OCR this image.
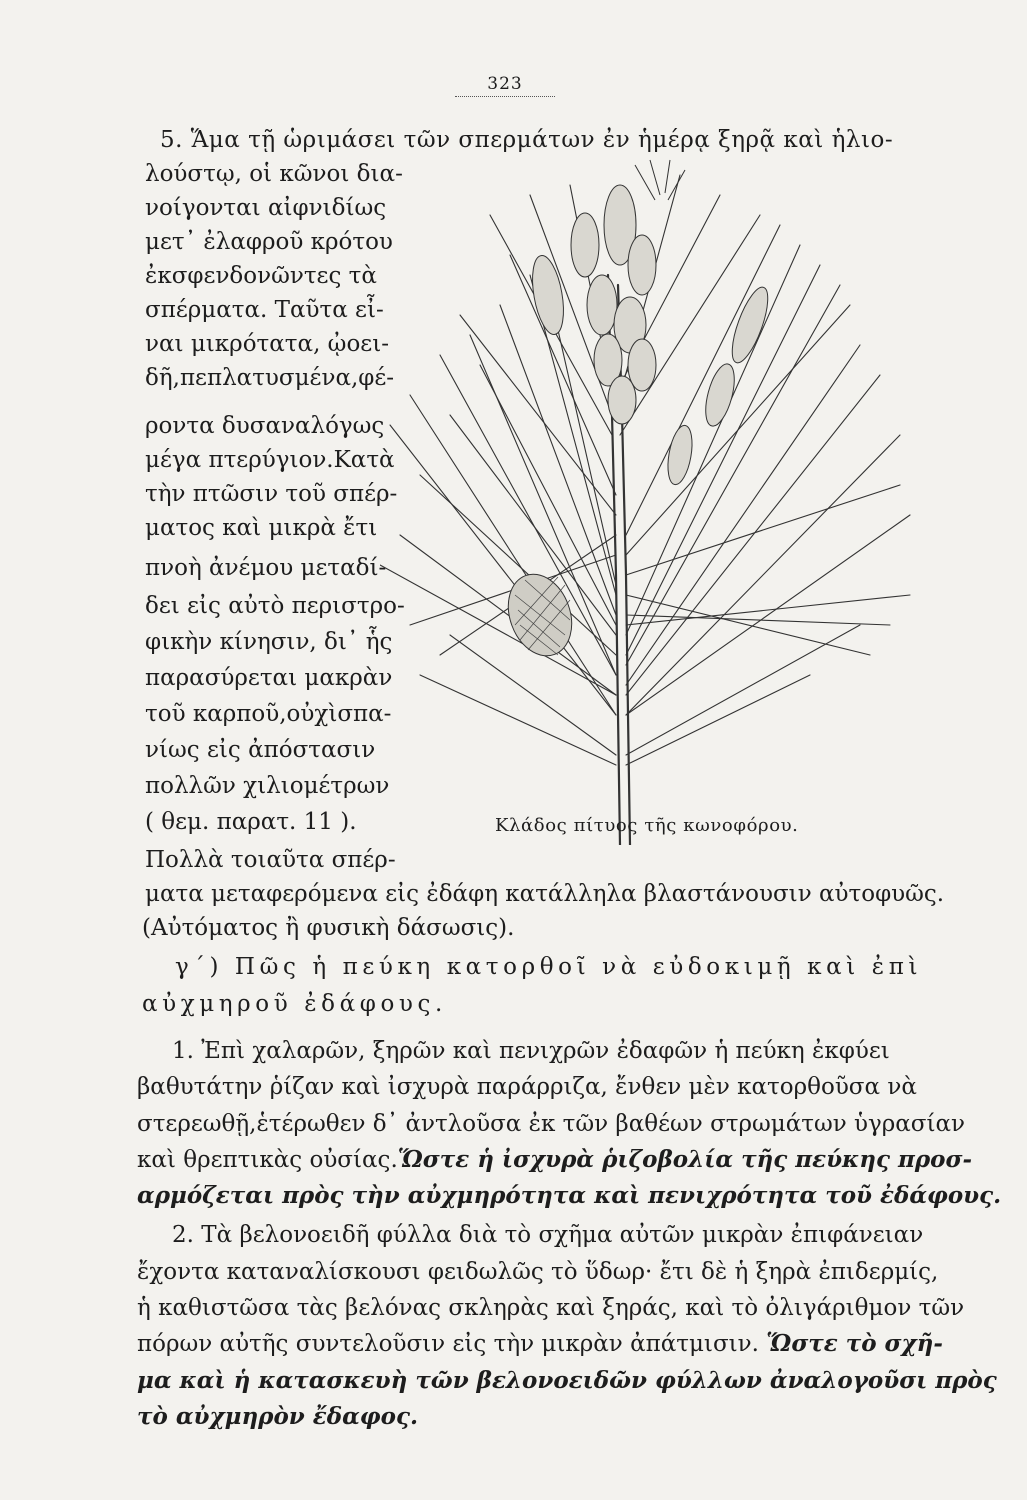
323
5. Ἅμα τῇ ὡριμάσει τῶν σπερμάτων ἐν ἡμέρᾳ ξηρᾷ καὶ ἡλιο-
λούστῳ, οἱ κῶνοι δια-
νοίγονται αἰφνιδίως
μετ᾽ ἐλαφροῦ κρότου
ἐκσφενδονῶντες τὰ
σπέρματα. Ταῦτα εἶ-
ναι μικρότατα, ᾠοει-
δῆ,πεπλατυσμένα,φέ-
ροντα δυσαναλόγως
μέγα πτερύγιον.Κατὰ
τὴν πτῶσιν τοῦ σπέρ-
ματος καὶ μικρὰ ἔτι
πνοὴ ἀνέμου μεταδί-
δει εἰς αὐτὸ περιστρο-
φικὴν κίνησιν, δι᾽ ἧς
παρασύρεται μακρὰν
τοῦ καρποῦ,οὐχὶσπα-
νίως εἰς ἀπόστασιν
πολλῶν χιλιομέτρων
( θεμ. παρατ. 11 ).
Πολλὰ τοιαῦτα σπέρ-
Κλάδος πίτυος τῆς κωνοφόρου.
ματα μεταφερόμενα εἰς ἐδάφη κατάλληλα βλαστάνουσιν αὐτοφυῶς.
(Αὐτόματος ἢ φυσικὴ δάσωσις).
γ´) Πῶς ἡ πεύκη κατορθοῖ νὰ εὐδοκιμῇ καὶ ἐπὶ
αὐχμηροῦ ἐδάφους.
1. Ἐπὶ χαλαρῶν, ξηρῶν καὶ πενιχρῶν ἐδαφῶν ἡ πεύκη ἐκφύει
βαθυτάτην ῥίζαν καὶ ἰσχυρὰ παράρριζα, ἔνθεν μὲν κατορθοῦσα νὰ
στερεωθῇ,ἑτέρωθεν δ᾽ ἀντλοῦσα ἐκ τῶν βαθέων στρωμάτων ὑγρασίαν
καὶ θρεπτικὰς οὐσίας.Ὥστε ἡ ἰσχυρὰ ῥιζοβολία τῆς πεύκης προσ-
αρμόζεται πρὸς τὴν αὐχμηρότητα καὶ πενιχρότητα τοῦ ἐδάφους.
2. Τὰ βελονοειδῆ φύλλα διὰ τὸ σχῆμα αὐτῶν μικρὰν ἐπιφάνειαν
ἔχοντα καταναλίσκουσι φειδωλῶς τὸ ὕδωρ· ἔτι δὲ ἡ ξηρὰ ἐπιδερμίς,
ἡ καθιστῶσα τὰς βελόνας σκληρὰς καὶ ξηράς, καὶ τὸ ὀλιγάριθμον τῶν
πόρων αὐτῆς συντελοῦσιν εἰς τὴν μικρὰν ἀπάτμισιν. Ὥστε τὸ σχῆ-
μα καὶ ἡ κατασκευὴ τῶν βελονοειδῶν φύλλων ἀναλογοῦσι πρὸς
τὸ αὐχμηρὸν ἔδαφος.
